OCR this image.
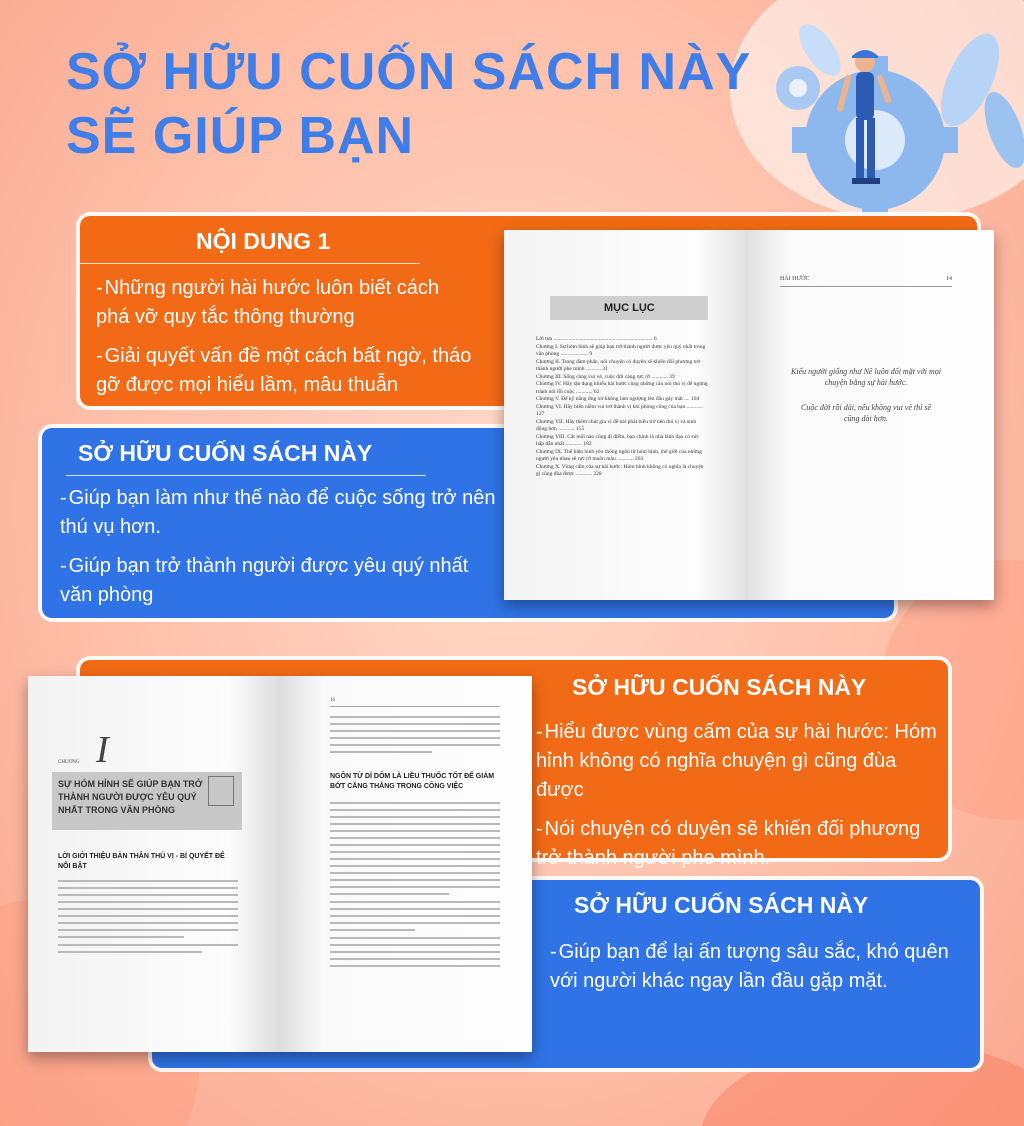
SỞ HỮU CUỐN SÁCH NÀY
SẼ GIÚP BẠN
NỘI DUNG 1
- Những người hài hước luôn biết cách phá vỡ quy tắc thông thường
- Giải quyết vấn đề một cách bất ngờ, tháo gỡ được mọi hiểu lầm, mâu thuẫn
SỞ HỮU CUỐN SÁCH NÀY
- Giúp bạn làm như thế nào để cuộc sống trở nên thú vụ hơn.
- Giúp bạn trở thành người được yêu quý nhất văn phòng
MỤC LỤC
Lời tựa ........................................................................ 6
Chương I. Sự hóm hỉnh sẽ giúp bạn trở thành người được yêu quý nhất trong văn phòng .................... 9
Chương II. Trong đàm phán, nói chuyện có duyên sẽ khiến đối phương trở thành người phe mình ........... 31
Chương III. Sống cùng vui vẻ, cuộc đời càng rực rỡ ............ 39
Chương IV. Hãy tận dụng khiếu hài hước cùng những câu nói thú vị để ngừng tránh nói lỗi cuộc ............ 62
Chương V. Để kỹ năng ứng xử không làm ngượng lên đầu gây mất .... 104
Chương VI. Hãy biến niềm vui trở thành vị khí phòng công của bạn ............ 127
Chương VII. Hãy thêm chút gia vị để bài phát biểu trở nên thú vị và sinh động hơn ............ 155
Chương VIII. Cắt mối nào cũng đi điểm, bạn chính là nhà lãnh đạo có sức hấp dẫn nhất ............ 182
Chương IX. Thế hiện hình yêu thông ngôn từ hóm hỉnh, thế giới của những người yêu nhau sẽ rực rỡ muôn màu ............ 203
Chương X. Vùng cấm của sự hài hước: Hóm hỉnh không có nghĩa là chuyện gì cũng đùa được ............ 228
HÀI HƯỚC	14
Kiểu người giống như Nê luôn đối mặt với mọi chuyện bằng sự hài hước.
Cuộc đời rồi dài, nếu không vui vẻ thì sẽ cũng dài hơn.
SỞ HỮU CUỐN SÁCH NÀY
- Hiểu được vùng cấm của sự hài hước: Hóm hỉnh không có nghĩa chuyện gì cũng đùa được
- Nói chuyện có duyên sẽ khiến đối phương trở thành người phe mình.
SỞ HỮU CUỐN SÁCH NÀY
- Giúp bạn để lại ấn tượng sâu sắc, khó quên với người khác ngay lần đầu gặp mặt.
CHƯƠNG I
SỰ HÓM HỈNH SẼ GIÚP BẠN TRỞ THÀNH NGƯỜI ĐƯỢC YÊU QUÝ NHẤT TRONG VĂN PHÒNG
LỜI GIỚI THIỆU BẢN THÂN THÚ VỊ - BÍ QUYẾT ĐỂ NỔI BẬT
16
NGÔN TỪ DÍ DỎM LÀ LIỀU THUỐC TỐT ĐỂ GIẢM BỚT CĂNG THẲNG TRONG CÔNG VIỆC
